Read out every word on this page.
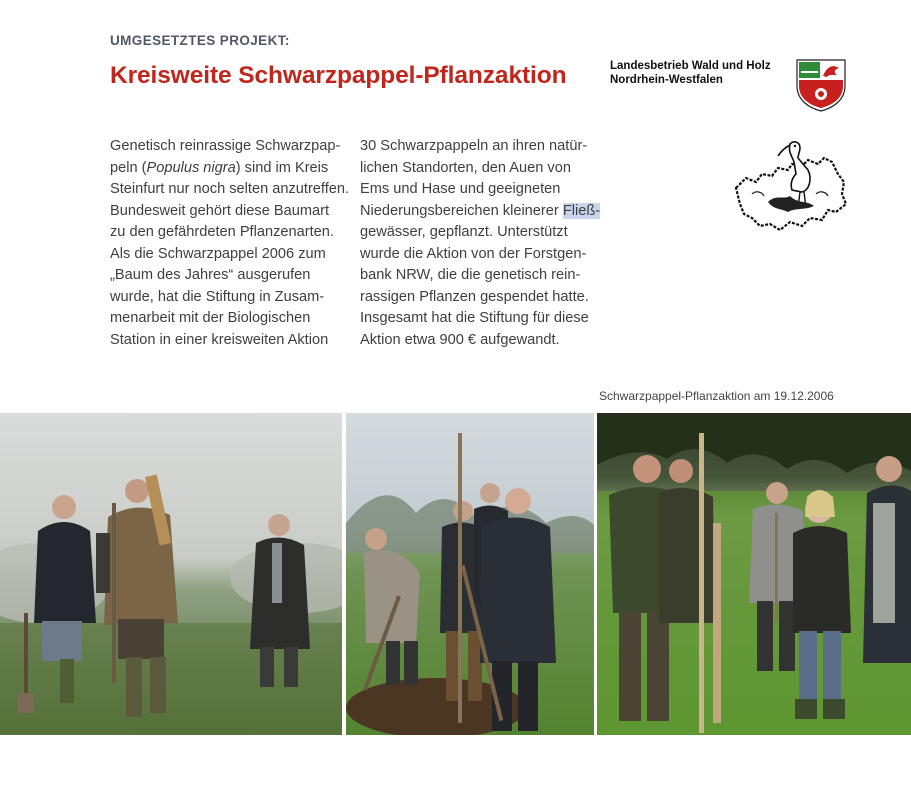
UMGESETZTES PROJEKT:
Kreisweite Schwarzpappel-Pflanzaktion	Landesbetrieb Wald und Holz
Nordrhein-Westfalen
Genetisch reinrassige Schwarzpap-
peln (Populus nigra) sind im Kreis
Steinfurt nur noch selten anzutreffen.
Bundesweit gehört diese Baumart
zu den gefährdeten Pflanzenarten.
Als die Schwarzpappel 2006 zum
„Baum des Jahres“ ausgerufen
wurde, hat die Stiftung in Zusam-
menarbeit mit der Biologischen
Station in einer kreisweiten Aktion
30 Schwarzpappeln an ihren natür-
lichen Standorten, den Auen von
Ems und Hase und geeigneten
Niederungsbereichen kleinerer Fließ-
gewässer, gepflanzt. Unterstützt
wurde die Aktion von der Forstgen-
bank NRW, die die genetisch rein-
rassigen Pflanzen gespendet hatte.
Insgesamt hat die Stiftung für diese
Aktion etwa 900 € aufgewandt.
Schwarzpappel-Pflanzaktion am 19.12.2006
